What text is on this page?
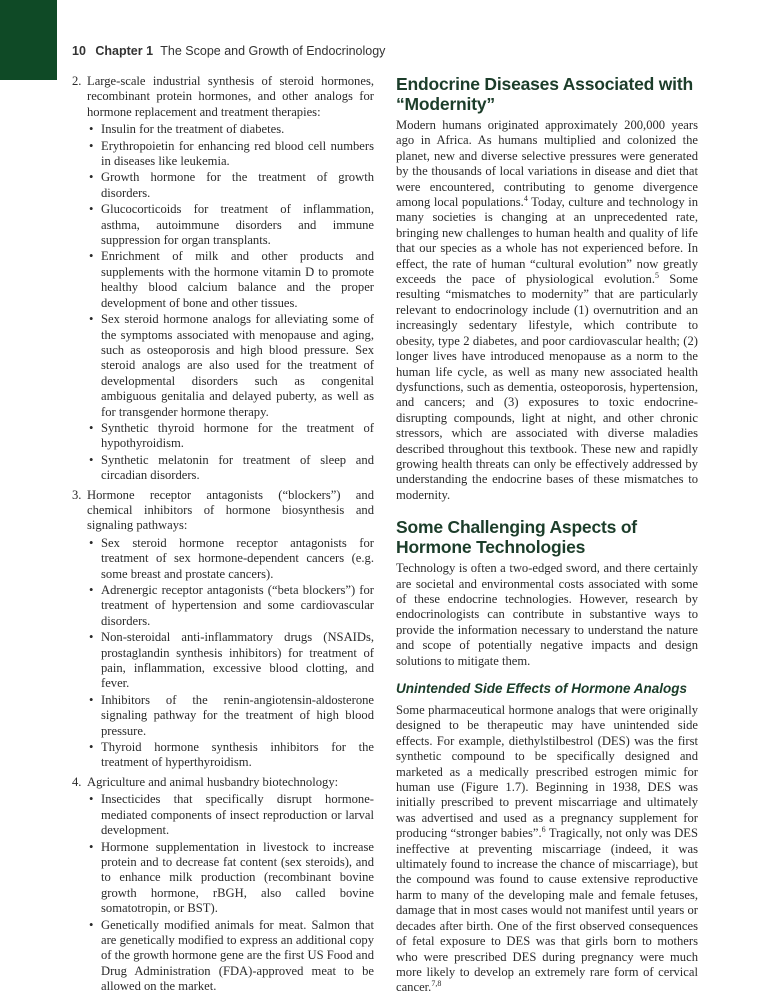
10 Chapter 1 The Scope and Growth of Endocrinology
2. Large-scale industrial synthesis of steroid hormones, recombinant protein hormones, and other analogs for hormone replacement and treatment therapies:
• Insulin for the treatment of diabetes.
• Erythropoietin for enhancing red blood cell numbers in diseases like leukemia.
• Growth hormone for the treatment of growth disorders.
• Glucocorticoids for treatment of inflammation, asthma, autoimmune disorders and immune suppression for organ transplants.
• Enrichment of milk and other products and supplements with the hormone vitamin D to promote healthy blood calcium balance and the proper development of bone and other tissues.
• Sex steroid hormone analogs for alleviating some of the symptoms associated with menopause and aging, such as osteoporosis and high blood pressure. Sex steroid analogs are also used for the treatment of developmental disorders such as congenital ambiguous genitalia and delayed puberty, as well as for transgender hormone therapy.
• Synthetic thyroid hormone for the treatment of hypothyroidism.
• Synthetic melatonin for treatment of sleep and circadian disorders.
3. Hormone receptor antagonists (“blockers”) and chemical inhibitors of hormone biosynthesis and signaling pathways:
• Sex steroid hormone receptor antagonists for treatment of sex hormone-dependent cancers (e.g. some breast and prostate cancers).
• Adrenergic receptor antagonists (“beta blockers”) for treatment of hypertension and some cardiovascular disorders.
• Non-steroidal anti-inflammatory drugs (NSAIDs, prostaglandin synthesis inhibitors) for treatment of pain, inflammation, excessive blood clotting, and fever.
• Inhibitors of the renin-angiotensin-aldosterone signaling pathway for the treatment of high blood pressure.
• Thyroid hormone synthesis inhibitors for the treatment of hyperthyroidism.
4. Agriculture and animal husbandry biotechnology:
• Insecticides that specifically disrupt hormone-mediated components of insect reproduction or larval development.
• Hormone supplementation in livestock to increase protein and to decrease fat content (sex steroids), and to enhance milk production (recombinant bovine growth hormone, rBGH, also called bovine somatotropin, or BST).
• Genetically modified animals for meat. Salmon that are genetically modified to express an additional copy of the growth hormone gene are the first US Food and Drug Administration (FDA)-approved meat to be allowed on the market.
Endocrine Diseases Associated with “Modernity”

Modern humans originated approximately 200,000 years ago in Africa. As humans multiplied and colonized the planet, new and diverse selective pressures were generated by the thousands of local variations in disease and diet that were encountered, contributing to genome divergence among local populations.$^4$ Today, culture and technology in many societies is changing at an unprecedented rate, bringing new challenges to human health and quality of life that our species as a whole has not experienced before. In effect, the rate of human “cultural evolution” now greatly exceeds the pace of physiological evolution.$^5$ Some resulting “mismatches to modernity” that are particularly relevant to endocrinology include (1) overnutrition and an increasingly sedentary lifestyle, which contribute to obesity, type 2 diabetes, and poor cardiovascular health; (2) longer lives have introduced menopause as a norm to the human life cycle, as well as many new associated health dysfunctions, such as dementia, osteoporosis, hypertension, and cancers; and (3) exposures to toxic endocrine-disrupting compounds, light at night, and other chronic stressors, which are associated with diverse maladies described throughout this textbook. These new and rapidly growing health threats can only be effectively addressed by understanding the endocrine bases of these mismatches to modernity.

Some Challenging Aspects of Hormone Technologies

Technology is often a two-edged sword, and there certainly are societal and environmental costs associated with some of these endocrine technologies. However, research by endocrinologists can contribute in substantive ways to provide the information necessary to understand the nature and scope of potentially negative impacts and design solutions to mitigate them.

Unintended Side Effects of Hormone Analogs

Some pharmaceutical hormone analogs that were originally designed to be therapeutic may have unintended side effects. For example, diethylstilbestrol (DES) was the first synthetic compound to be specifically designed and marketed as a medically prescribed estrogen mimic for human use (Figure 1.7). Beginning in 1938, DES was initially prescribed to prevent miscarriage and ultimately was advertised and used as a pregnancy supplement for producing “stronger babies”.$^6$ Tragically, not only was DES ineffective at preventing miscarriage (indeed, it was ultimately found to increase the chance of miscarriage), but the compound was found to cause extensive reproductive harm to many of the developing male and female fetuses, damage that in most cases would not manifest until years or decades after birth. One of the first observed consequences of fetal exposure to DES was that girls born to mothers who were prescribed DES during pregnancy were much more likely to develop an extremely rare form of cervical cancer.$^{7,8}$
